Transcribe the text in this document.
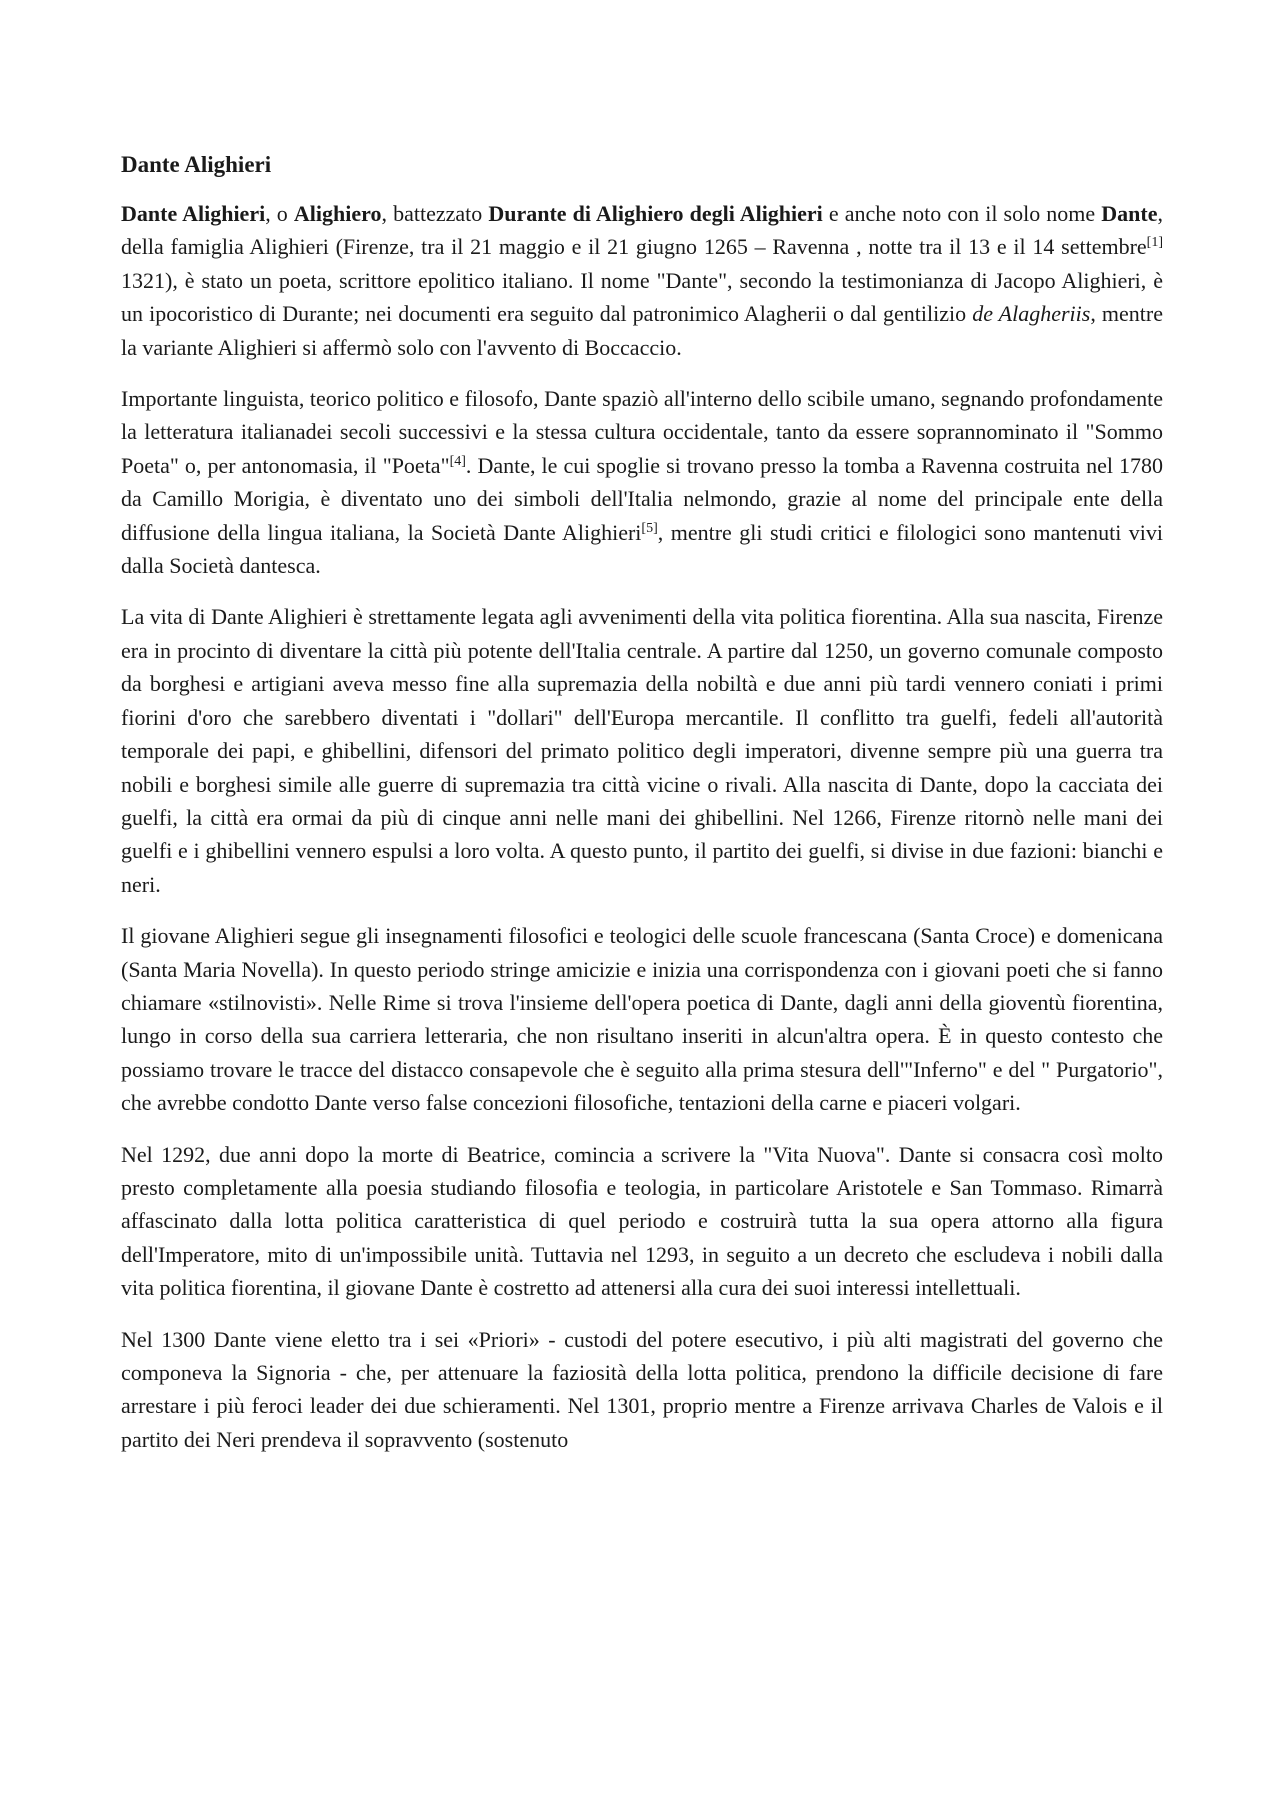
Dante Alighieri

Dante Alighieri, o Alighiero, battezzato Durante di Alighiero degli Alighieri e anche noto con il solo nome Dante, della famiglia Alighieri (Firenze, tra il 21 maggio e il 21 giugno 1265 – Ravenna , notte tra il 13 e il 14 settembre[1] 1321), è stato un poeta, scrittore epolitico italiano. Il nome "Dante", secondo la testimonianza di Jacopo Alighieri, è un ipocoristico di Durante; nei documenti era seguito dal patronimico Alagherii o dal gentilizio de Alagheriis, mentre la variante Alighieri si affermò solo con l'avvento di Boccaccio.

Importante linguista, teorico politico e filosofo, Dante spaziò all'interno dello scibile umano, segnando profondamente la letteratura italianadei secoli successivi e la stessa cultura occidentale, tanto da essere soprannominato il "Sommo Poeta" o, per antonomasia, il "Poeta"[4]. Dante, le cui spoglie si trovano presso la tomba a Ravenna costruita nel 1780 da Camillo Morigia, è diventato uno dei simboli dell'Italia nelmondo, grazie al nome del principale ente della diffusione della lingua italiana, la Società Dante Alighieri[5], mentre gli studi critici e filologici sono mantenuti vivi dalla Società dantesca.

La vita di Dante Alighieri è strettamente legata agli avvenimenti della vita politica fiorentina. Alla sua nascita, Firenze era in procinto di diventare la città più potente dell'Italia centrale. A partire dal 1250, un governo comunale composto da borghesi e artigiani aveva messo fine alla supremazia della nobiltà e due anni più tardi vennero coniati i primi fiorini d'oro che sarebbero diventati i "dollari" dell'Europa mercantile. Il conflitto tra guelfi, fedeli all'autorità temporale dei papi, e ghibellini, difensori del primato politico degli imperatori, divenne sempre più una guerra tra nobili e borghesi simile alle guerre di supremazia tra città vicine o rivali. Alla nascita di Dante, dopo la cacciata dei guelfi, la città era ormai da più di cinque anni nelle mani dei ghibellini. Nel 1266, Firenze ritornò nelle mani dei guelfi e i ghibellini vennero espulsi a loro volta. A questo punto, il partito dei guelfi, si divise in due fazioni: bianchi e neri.

Il giovane Alighieri segue gli insegnamenti filosofici e teologici delle scuole francescana (Santa Croce) e domenicana (Santa Maria Novella). In questo periodo stringe amicizie e inizia una corrispondenza con i giovani poeti che si fanno chiamare «stilnovisti». Nelle Rime si trova l'insieme dell'opera poetica di Dante, dagli anni della gioventù fiorentina, lungo in corso della sua carriera letteraria, che non risultano inseriti in alcun'altra opera. È in questo contesto che possiamo trovare le tracce del distacco consapevole che è seguito alla prima stesura dell'"Inferno" e del " Purgatorio", che avrebbe condotto Dante verso false concezioni filosofiche, tentazioni della carne e piaceri volgari.

Nel 1292, due anni dopo la morte di Beatrice, comincia a scrivere la "Vita Nuova". Dante si consacra così molto presto completamente alla poesia studiando filosofia e teologia, in particolare Aristotele e San Tommaso. Rimarrà affascinato dalla lotta politica caratteristica di quel periodo e costruirà tutta la sua opera attorno alla figura dell'Imperatore, mito di un'impossibile unità. Tuttavia nel 1293, in seguito a un decreto che escludeva i nobili dalla vita politica fiorentina, il giovane Dante è costretto ad attenersi alla cura dei suoi interessi intellettuali.

Nel 1300 Dante viene eletto tra i sei «Priori» - custodi del potere esecutivo, i più alti magistrati del governo che componeva la Signoria - che, per attenuare la faziosità della lotta politica, prendono la difficile decisione di fare arrestare i più feroci leader dei due schieramenti. Nel 1301, proprio mentre a Firenze arrivava Charles de Valois e il partito dei Neri prendeva il sopravvento (sostenuto
